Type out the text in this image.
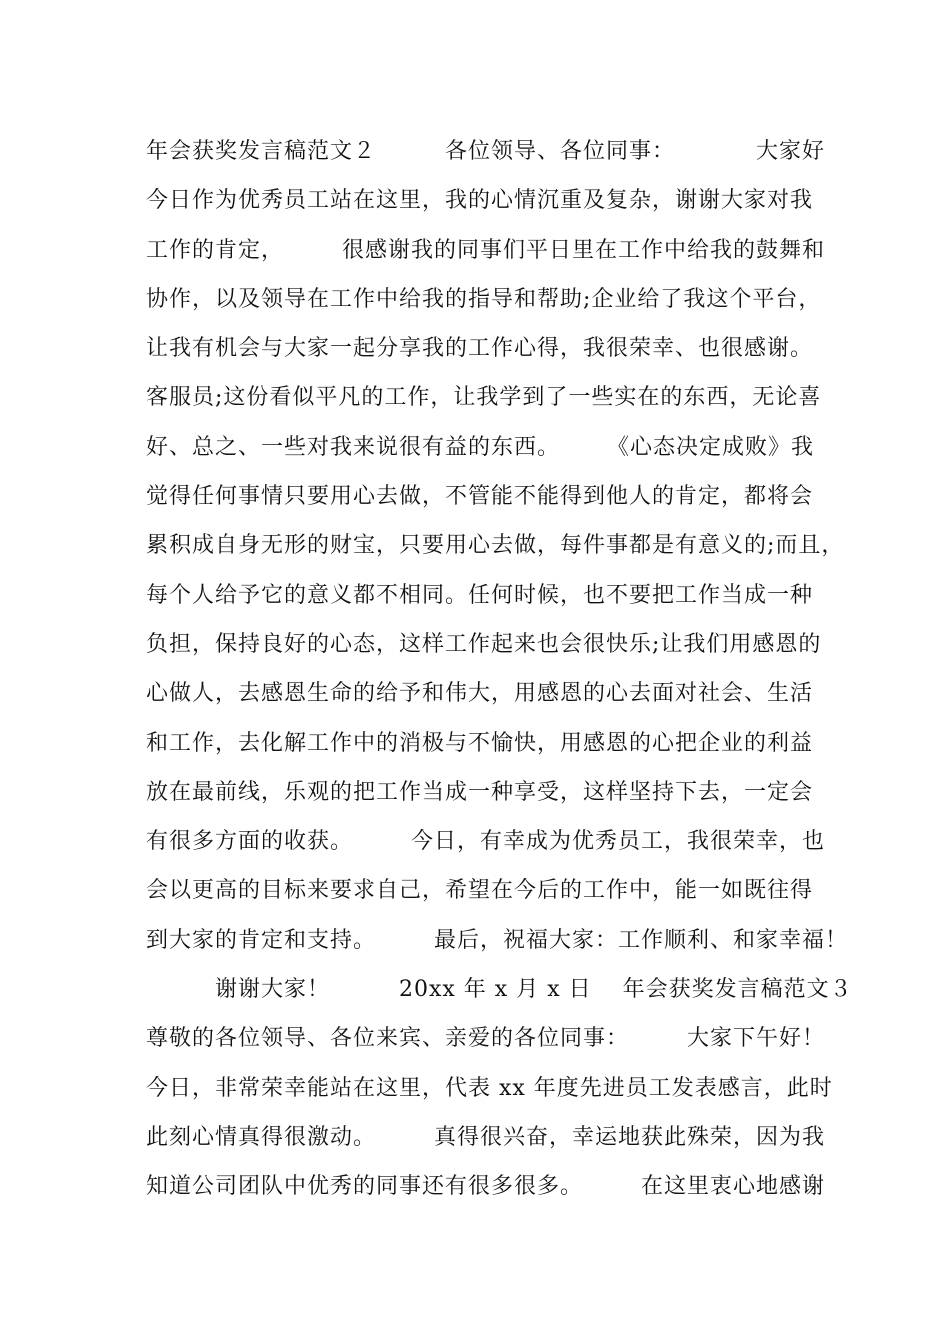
年会获奖发言稿范文２　　　各位领导、各位同事：　　　　大家好
今日作为优秀员工站在这里，我的心情沉重及复杂，谢谢大家对我
工作的肯定，　　　很感谢我的同事们平日里在工作中给我的鼓舞和
协作，以及领导在工作中给我的指导和帮助;企业给了我这个平台，
让我有机会与大家一起分享我的工作心得，我很荣幸、也很感谢。
客服员;这份看似平凡的工作，让我学到了一些实在的东西，无论喜
好、总之、一些对我来说很有益的东西。　　　《心态决定成败》我
觉得任何事情只要用心去做，不管能不能得到他人的肯定，都将会
累积成自身无形的财宝，只要用心去做，每件事都是有意义的;而且，
每个人给予它的意义都不相同。任何时候，也不要把工作当成一种
负担，保持良好的心态，这样工作起来也会很快乐;让我们用感恩的
心做人，去感恩生命的给予和伟大，用感恩的心去面对社会、生活
和工作，去化解工作中的消极与不愉快，用感恩的心把企业的利益
放在最前线，乐观的把工作当成一种享受，这样坚持下去，一定会
有很多方面的收获。　　　今日，有幸成为优秀员工，我很荣幸，也
会以更高的目标来要求自己，希望在今后的工作中，能一如既往得
到大家的肯定和支持。　　　最后，祝福大家：工作顺利、和家幸福！
　　　谢谢大家！　　　20xx 年 x 月 x 日　 年会获奖发言稿范文３
尊敬的各位领导、各位来宾、亲爱的各位同事：　　　大家下午好！
今日，非常荣幸能站在这里，代表 xx 年度先进员工发表感言，此时
此刻心情真得很激动。　　　真得很兴奋，幸运地获此殊荣，因为我
知道公司团队中优秀的同事还有很多很多。　　　在这里衷心地感谢
